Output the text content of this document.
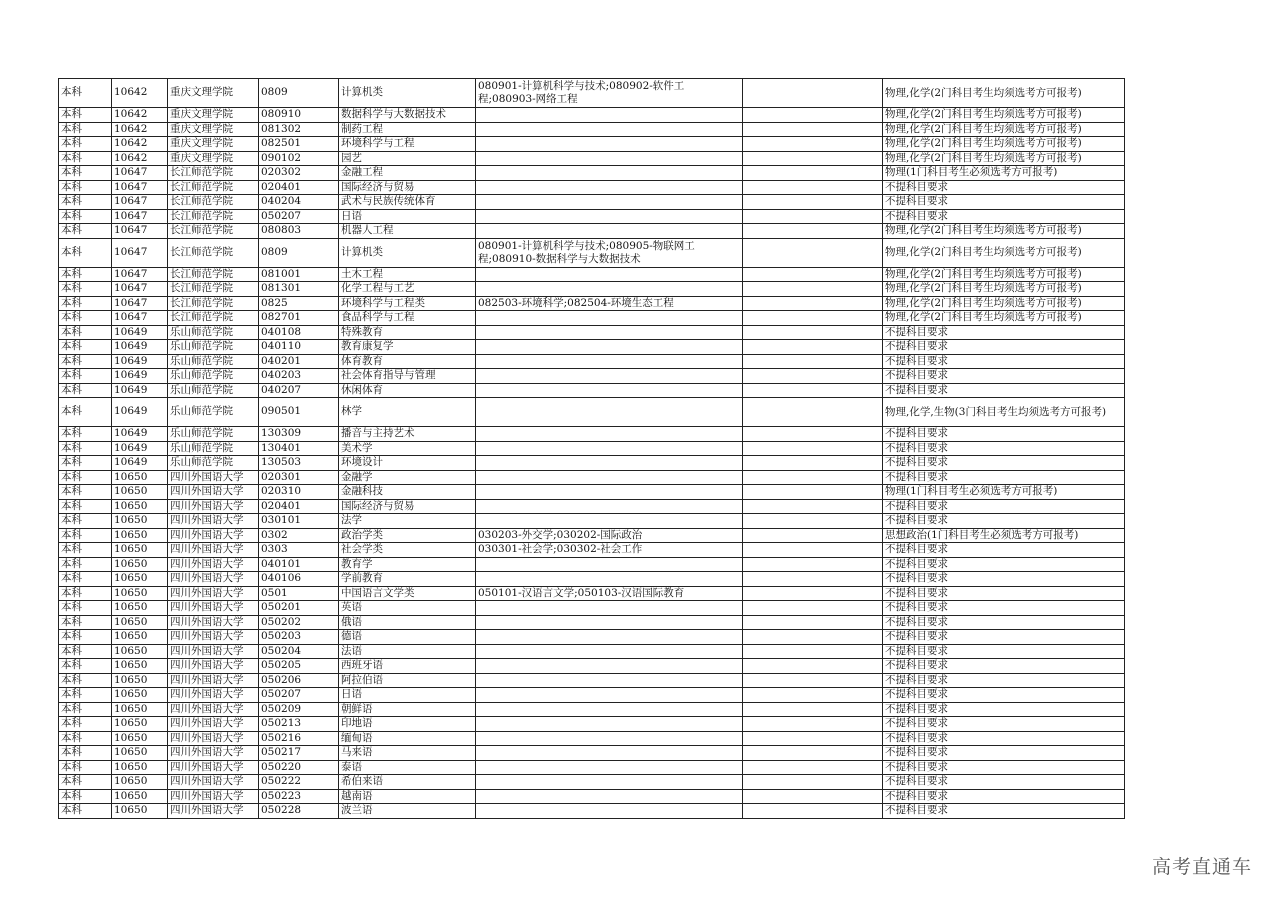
本科	10642	重庆文理学院	0809	计算机类	080901-计算机科学与技术;080902-软件工程;080903-网络工程		物理,化学(2门科目考生均须选考方可报考)
本科	10642	重庆文理学院	080910	数据科学与大数据技术			物理,化学(2门科目考生均须选考方可报考)
本科	10642	重庆文理学院	081302	制药工程			物理,化学(2门科目考生均须选考方可报考)
本科	10642	重庆文理学院	082501	环境科学与工程			物理,化学(2门科目考生均须选考方可报考)
本科	10642	重庆文理学院	090102	园艺			物理,化学(2门科目考生均须选考方可报考)
本科	10647	长江师范学院	020302	金融工程			物理(1门科目考生必须选考方可报考)
本科	10647	长江师范学院	020401	国际经济与贸易			不提科目要求
本科	10647	长江师范学院	040204	武术与民族传统体育			不提科目要求
本科	10647	长江师范学院	050207	日语			不提科目要求
本科	10647	长江师范学院	080803	机器人工程			物理,化学(2门科目考生均须选考方可报考)
本科	10647	长江师范学院	0809	计算机类	080901-计算机科学与技术;080905-物联网工程;080910-数据科学与大数据技术		物理,化学(2门科目考生均须选考方可报考)
本科	10647	长江师范学院	081001	土木工程			物理,化学(2门科目考生均须选考方可报考)
本科	10647	长江师范学院	081301	化学工程与工艺			物理,化学(2门科目考生均须选考方可报考)
本科	10647	长江师范学院	0825	环境科学与工程类	082503-环境科学;082504-环境生态工程		物理,化学(2门科目考生均须选考方可报考)
本科	10647	长江师范学院	082701	食品科学与工程			物理,化学(2门科目考生均须选考方可报考)
本科	10649	乐山师范学院	040108	特殊教育			不提科目要求
本科	10649	乐山师范学院	040110	教育康复学			不提科目要求
本科	10649	乐山师范学院	040201	体育教育			不提科目要求
本科	10649	乐山师范学院	040203	社会体育指导与管理			不提科目要求
本科	10649	乐山师范学院	040207	休闲体育			不提科目要求
本科	10649	乐山师范学院	090501	林学			物理,化学,生物(3门科目考生均须选考方可报考)
本科	10649	乐山师范学院	130309	播音与主持艺术			不提科目要求
本科	10649	乐山师范学院	130401	美术学			不提科目要求
本科	10649	乐山师范学院	130503	环境设计			不提科目要求
本科	10650	四川外国语大学	020301	金融学			不提科目要求
本科	10650	四川外国语大学	020310	金融科技			物理(1门科目考生必须选考方可报考)
本科	10650	四川外国语大学	020401	国际经济与贸易			不提科目要求
本科	10650	四川外国语大学	030101	法学			不提科目要求
本科	10650	四川外国语大学	0302	政治学类	030203-外交学;030202-国际政治		思想政治(1门科目考生必须选考方可报考)
本科	10650	四川外国语大学	0303	社会学类	030301-社会学;030302-社会工作		不提科目要求
本科	10650	四川外国语大学	040101	教育学			不提科目要求
本科	10650	四川外国语大学	040106	学前教育			不提科目要求
本科	10650	四川外国语大学	0501	中国语言文学类	050101-汉语言文学;050103-汉语国际教育		不提科目要求
本科	10650	四川外国语大学	050201	英语			不提科目要求
本科	10650	四川外国语大学	050202	俄语			不提科目要求
本科	10650	四川外国语大学	050203	德语			不提科目要求
本科	10650	四川外国语大学	050204	法语			不提科目要求
本科	10650	四川外国语大学	050205	西班牙语			不提科目要求
本科	10650	四川外国语大学	050206	阿拉伯语			不提科目要求
本科	10650	四川外国语大学	050207	日语			不提科目要求
本科	10650	四川外国语大学	050209	朝鲜语			不提科目要求
本科	10650	四川外国语大学	050213	印地语			不提科目要求
本科	10650	四川外国语大学	050216	缅甸语			不提科目要求
本科	10650	四川外国语大学	050217	马来语			不提科目要求
本科	10650	四川外国语大学	050220	泰语			不提科目要求
本科	10650	四川外国语大学	050222	希伯来语			不提科目要求
本科	10650	四川外国语大学	050223	越南语			不提科目要求
本科	10650	四川外国语大学	050228	波兰语			不提科目要求
高考直通车
